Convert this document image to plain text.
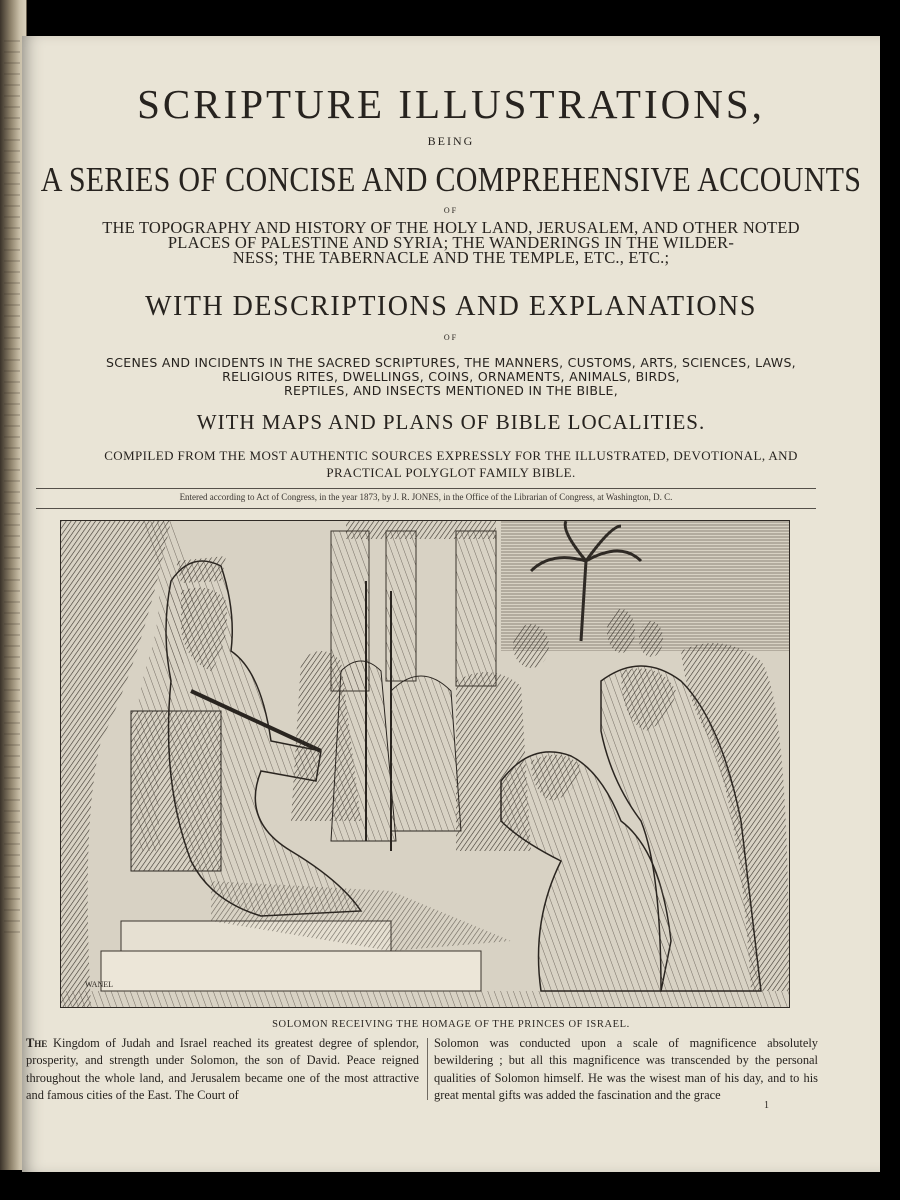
SCRIPTURE ILLUSTRATIONS,
BEING
A SERIES OF CONCISE AND COMPREHENSIVE ACCOUNTS
OF
THE TOPOGRAPHY AND HISTORY OF THE HOLY LAND, JERUSALEM, AND OTHER NOTED
PLACES OF PALESTINE AND SYRIA; THE WANDERINGS IN THE WILDER-
NESS; THE TABERNACLE AND THE TEMPLE, ETC., ETC.;
WITH DESCRIPTIONS AND EXPLANATIONS
OF
SCENES AND INCIDENTS IN THE SACRED SCRIPTURES, THE MANNERS, CUSTOMS, ARTS, SCIENCES, LAWS,
RELIGIOUS RITES, DWELLINGS, COINS, ORNAMENTS, ANIMALS, BIRDS,
REPTILES, AND INSECTS MENTIONED IN THE BIBLE,
WITH MAPS AND PLANS OF BIBLE LOCALITIES.
COMPILED FROM THE MOST AUTHENTIC SOURCES EXPRESSLY FOR THE ILLUSTRATED, DEVOTIONAL, AND
PRACTICAL POLYGLOT FAMILY BIBLE.
Entered according to Act of Congress, in the year 1873, by J. R. JONES, in the Office of the Librarian of Congress, at Washington, D. C.
WANEL
SOLOMON RECEIVING THE HOMAGE OF THE PRINCES OF ISRAEL.
The Kingdom of Judah and Israel reached its greatest degree of splendor, prosperity, and strength under Solomon, the son of David. Peace reigned throughout the whole land, and Jerusalem became one of the most attractive and famous cities of the East. The Court of
Solomon was conducted upon a scale of magnificence absolutely bewildering ; but all this magnificence was transcended by the personal qualities of Solomon himself. He was the wisest man of his day, and to his great mental gifts was added the fascination and the grace
1
